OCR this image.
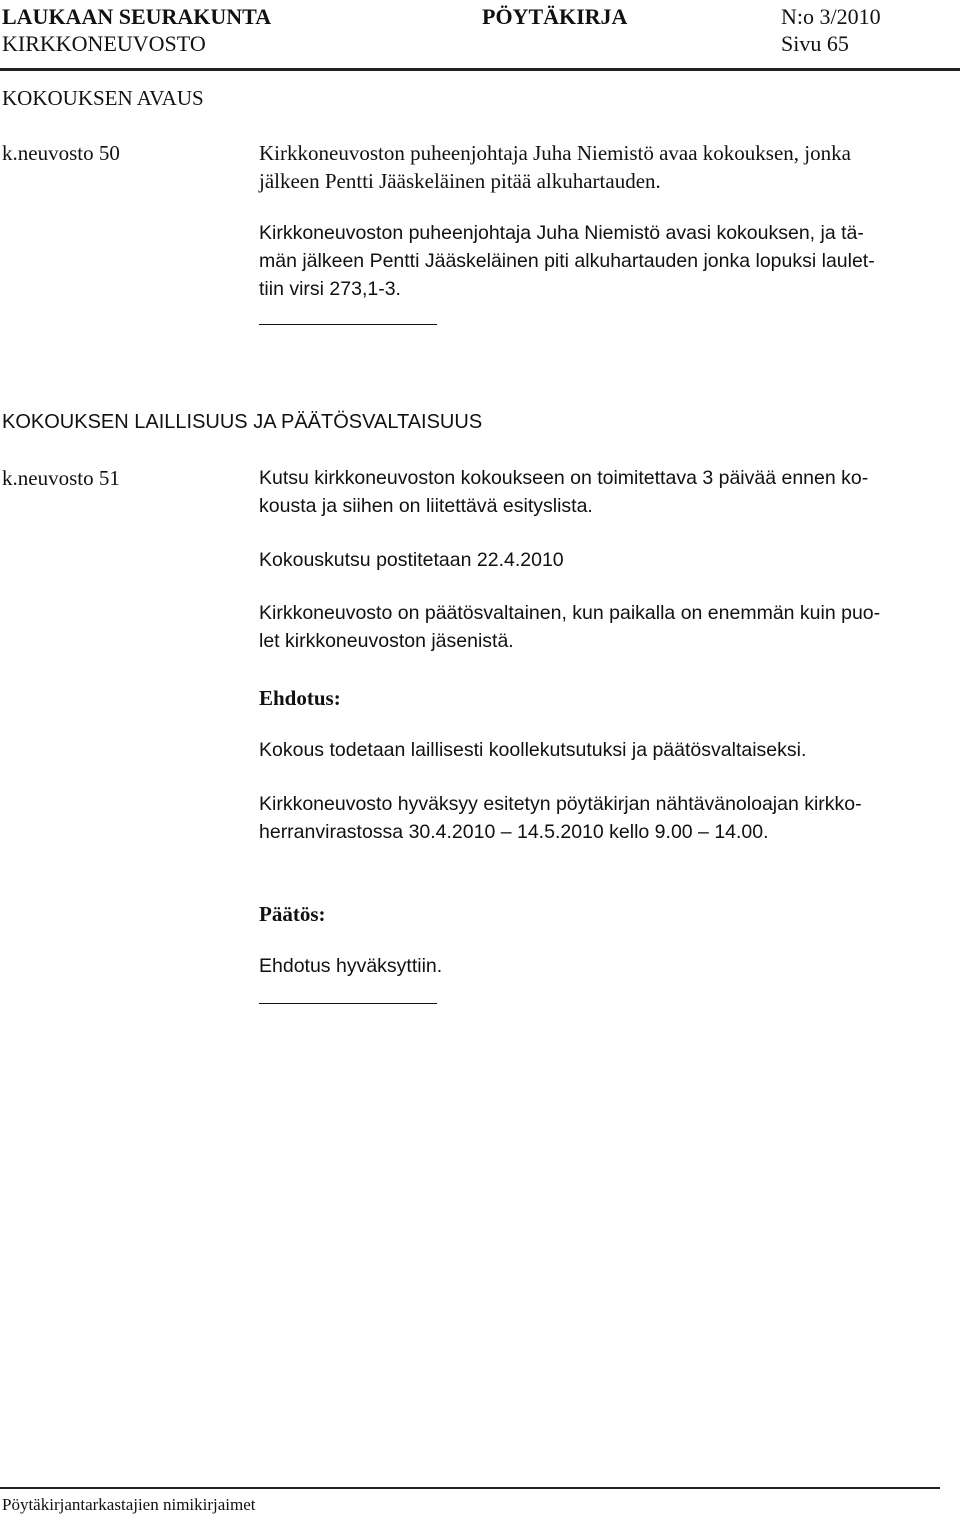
LAUKAAN SEURAKUNTA	PÖYTÄKIRJA	N:o 3/2010
KIRKKONEUVOSTO	Sivu 65
KOKOUKSEN AVAUS
k.neuvosto 50	Kirkkoneuvoston puheenjohtaja Juha Niemistö avaa kokouksen, jonka
jälkeen Pentti Jääskeläinen pitää alkuhartauden.
Kirkkoneuvoston puheenjohtaja Juha Niemistö avasi kokouksen, ja tä-
män jälkeen Pentti Jääskeläinen piti alkuhartauden jonka lopuksi laulet-
tiin virsi 273,1-3.
KOKOUKSEN LAILLISUUS JA PÄÄTÖSVALTAISUUS
k.neuvosto 51	Kutsu kirkkoneuvoston kokoukseen on toimitettava 3 päivää ennen ko-
kousta ja siihen on liitettävä esityslista.
Kokouskutsu postitetaan 22.4.2010
Kirkkoneuvosto on päätösvaltainen, kun paikalla on enemmän kuin puo-
let kirkkoneuvoston jäsenistä.
Ehdotus:
Kokous todetaan laillisesti koollekutsutuksi ja päätösvaltaiseksi.
Kirkkoneuvosto hyväksyy esitetyn pöytäkirjan nähtävänoloajan kirkko-
herranvirastossa 30.4.2010 – 14.5.2010 kello 9.00 – 14.00.
Päätös:
Ehdotus hyväksyttiin.
Pöytäkirjantarkastajien nimikirjaimet
